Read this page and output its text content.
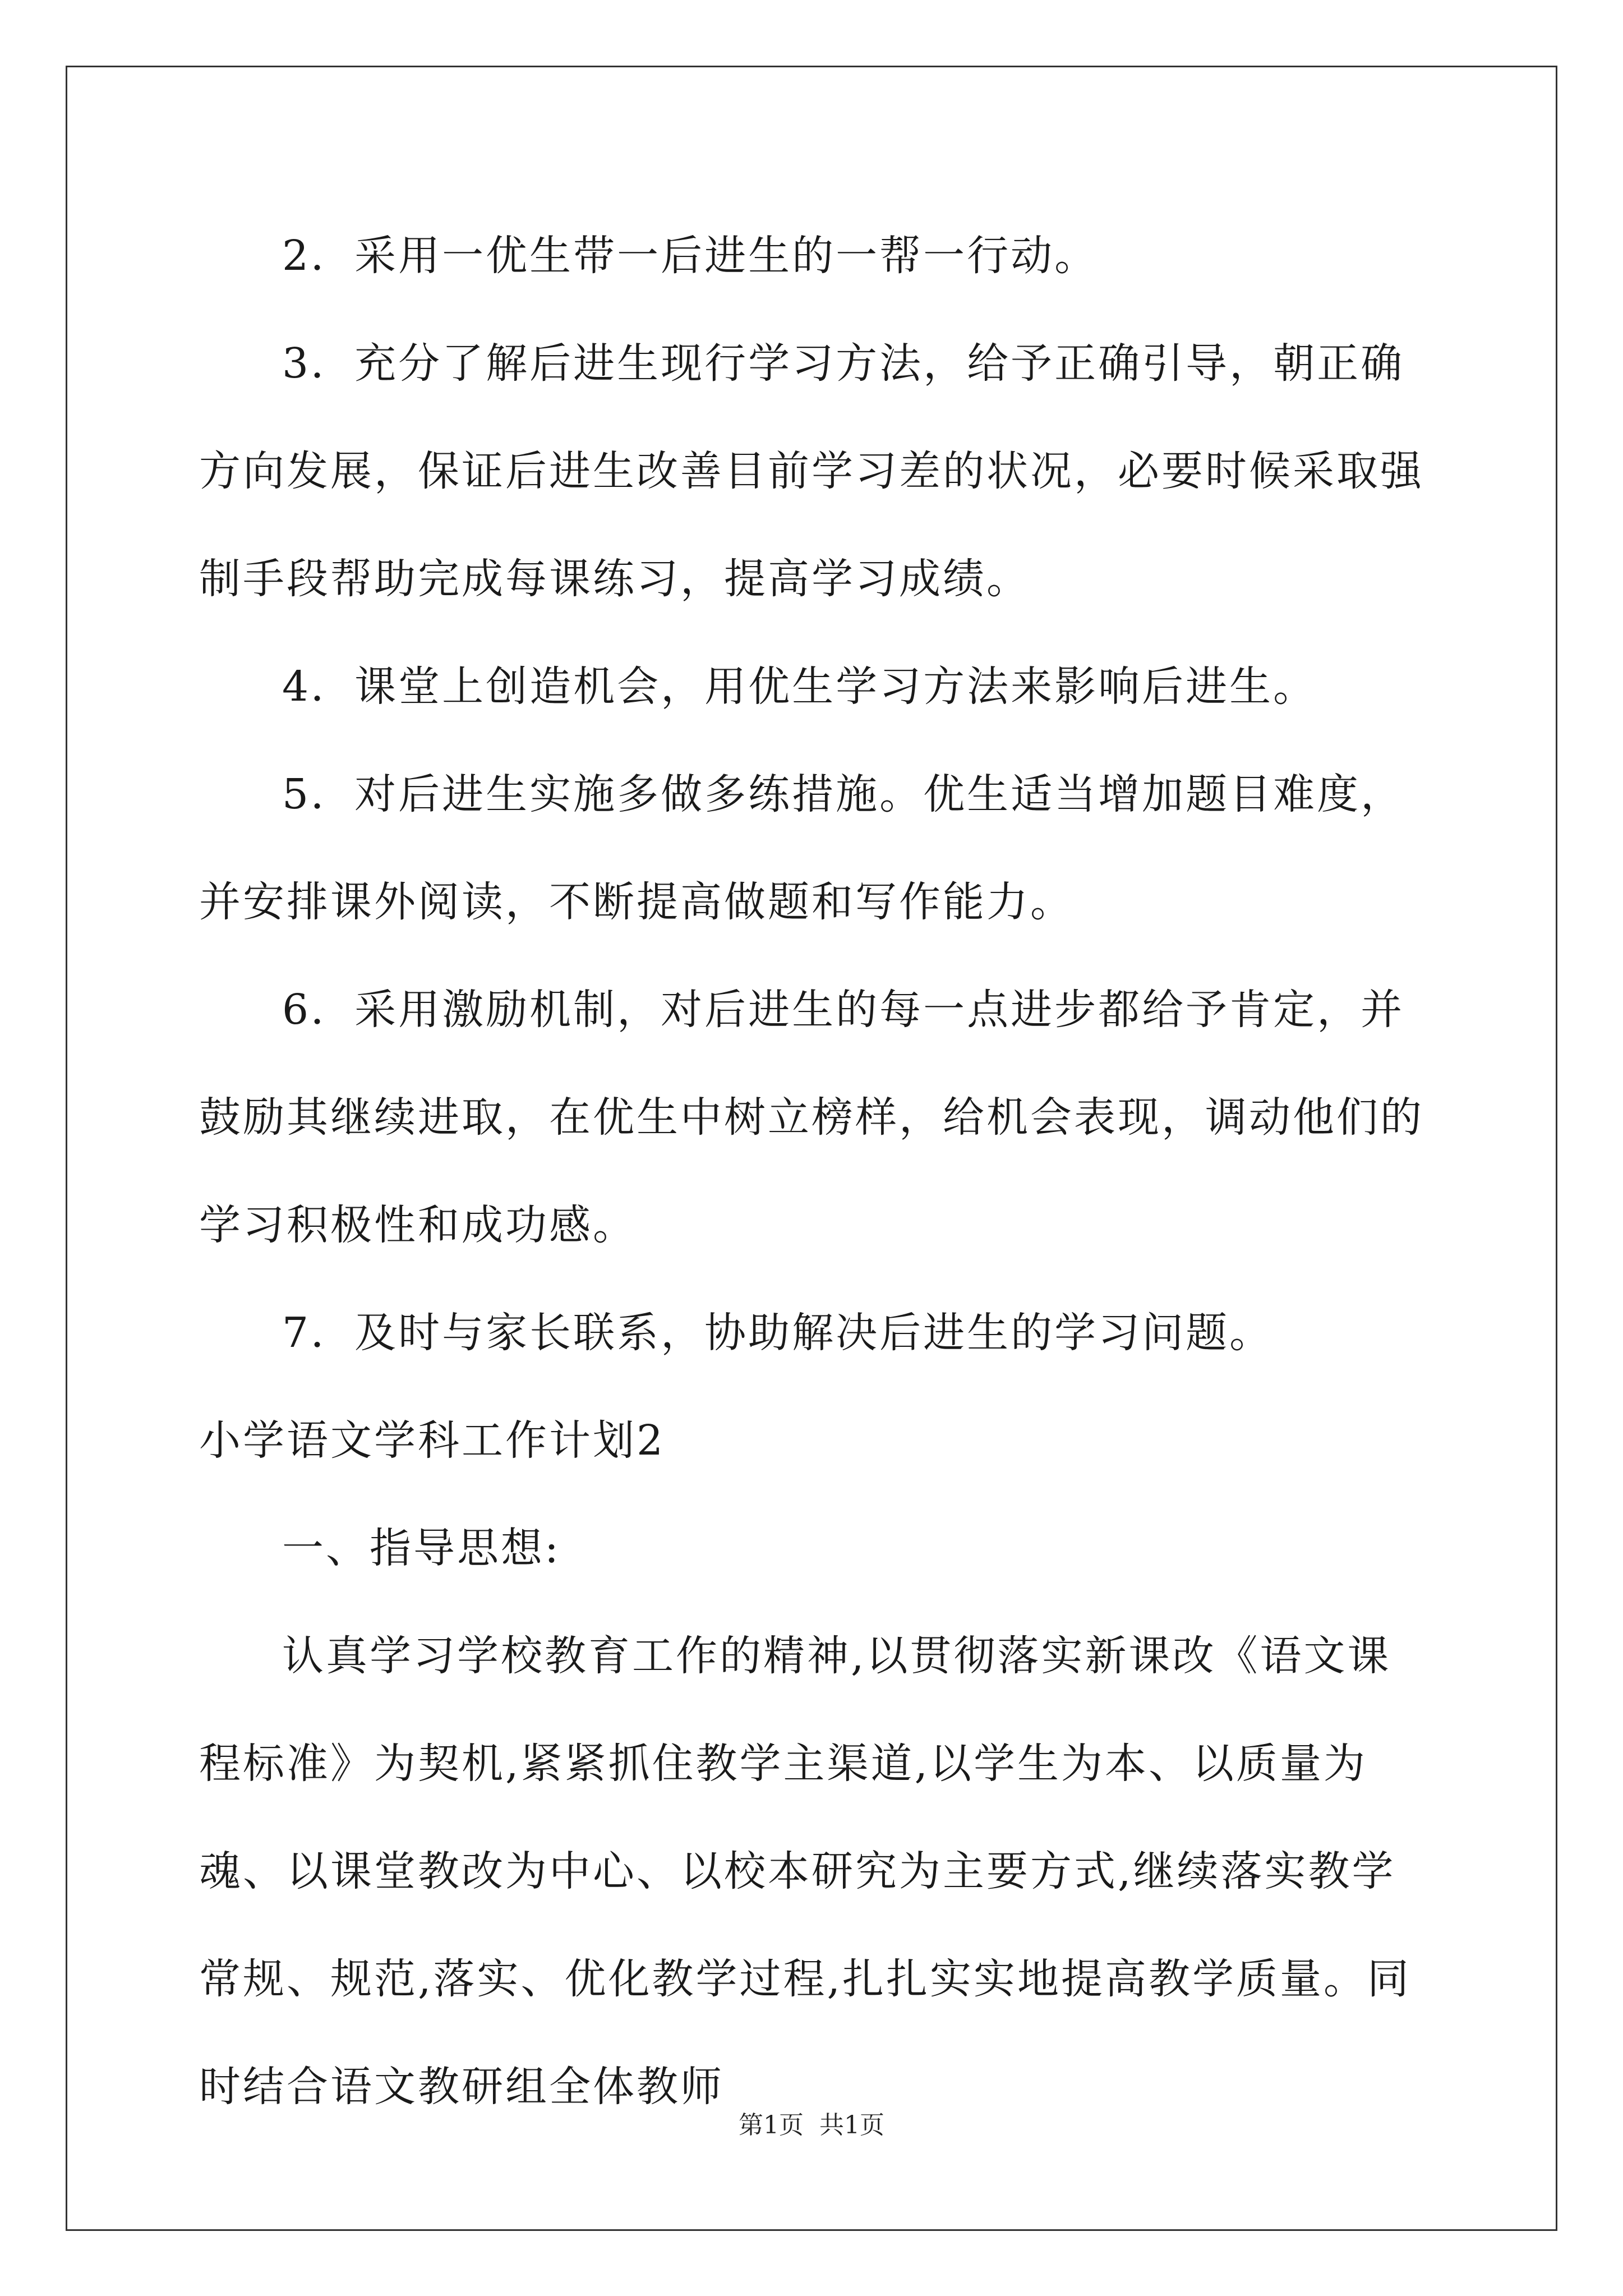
2．采用一优生带一后进生的一帮一行动。

3．充分了解后进生现行学习方法，给予正确引导，朝正确方向发展，保证后进生改善目前学习差的状况，必要时候采取强制手段帮助完成每课练习，提高学习成绩。

4．课堂上创造机会，用优生学习方法来影响后进生。

5．对后进生实施多做多练措施。优生适当增加题目难度，并安排课外阅读，不断提高做题和写作能力。

6．采用激励机制，对后进生的每一点进步都给予肯定，并鼓励其继续进取，在优生中树立榜样，给机会表现，调动他们的学习积极性和成功感。

7．及时与家长联系，协助解决后进生的学习问题。

小学语文学科工作计划2

一、指导思想:

认真学习学校教育工作的精神,以贯彻落实新课改《语文课程标准》为契机,紧紧抓住教学主渠道,以学生为本、以质量为魂、以课堂教改为中心、以校本研究为主要方式,继续落实教学常规、规范,落实、优化教学过程,扎扎实实地提高教学质量。同时结合语文教研组全体教师

第1页 共1页
